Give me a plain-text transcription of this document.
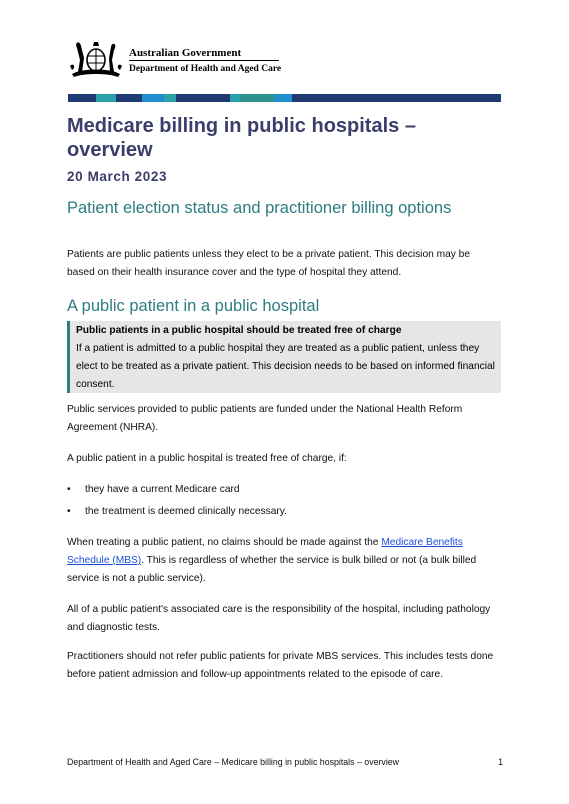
Australian Government
Department of Health and Aged Care
Medicare billing in public hospitals – overview
20 March 2023
Patient election status and practitioner billing options

Patients are public patients unless they elect to be a private patient. This decision may be based on their health insurance cover and the type of hospital they attend.

A public patient in a public hospital
Public patients in a public hospital should be treated free of charge
If a patient is admitted to a public hospital they are treated as a public patient, unless they elect to be treated as a private patient. This decision needs to be based on informed financial consent.

Public services provided to public patients are funded under the National Health Reform Agreement (NHRA).

A public patient in a public hospital is treated free of charge, if:

• they have a current Medicare card
• the treatment is deemed clinically necessary.

When treating a public patient, no claims should be made against the Medicare Benefits Schedule (MBS). This is regardless of whether the service is bulk billed or not (a bulk billed service is not a public service).

All of a public patient's associated care is the responsibility of the hospital, including pathology and diagnostic tests.

Practitioners should not refer public patients for private MBS services. This includes tests done before patient admission and follow-up appointments related to the episode of care.

Department of Health and Aged Care – Medicare billing in public hospitals – overview	1
